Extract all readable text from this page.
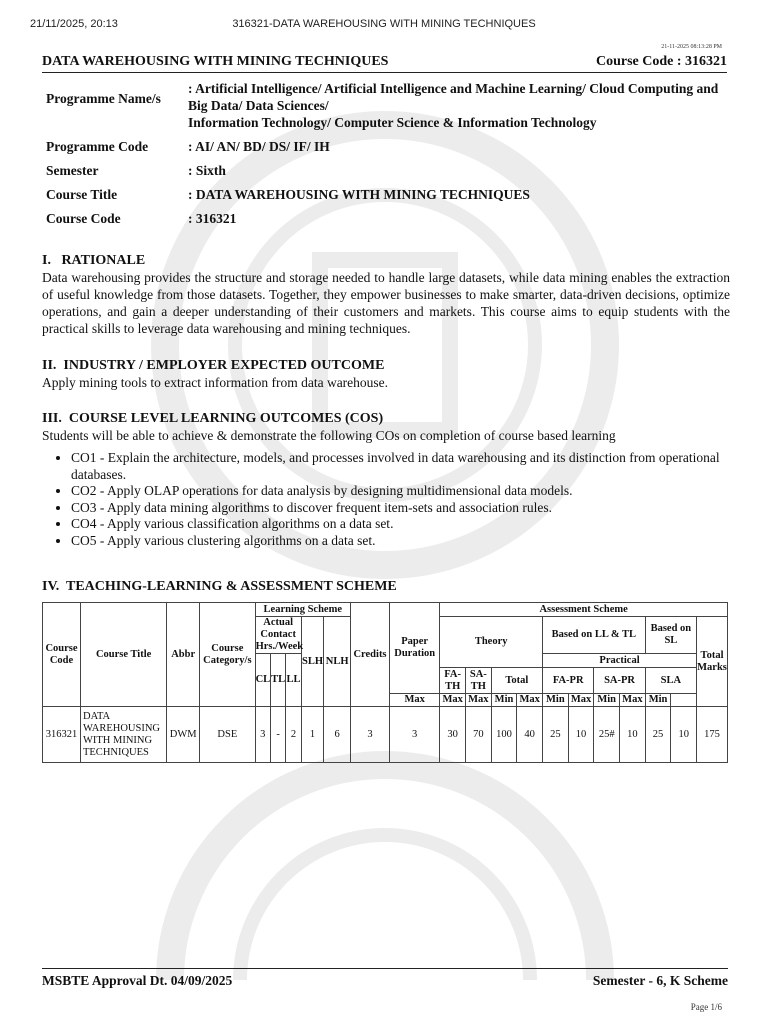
21/11/2025, 20:13	316321-DATA WAREHOUSING WITH MINING TECHNIQUES
21-11-2025 08:13:28 PM
DATA WAREHOUSING WITH MINING TECHNIQUES	Course Code : 316321
Programme Name/s
: Artificial Intelligence/ Artificial Intelligence and Machine Learning/ Cloud Computing and Big Data/ Data Sciences/
Information Technology/ Computer Science & Information Technology
Programme Code	: AI/ AN/ BD/ DS/ IF/ IH
Semester	: Sixth
Course Title	: DATA WAREHOUSING WITH MINING TECHNIQUES
Course Code	: 316321
I.   RATIONALE
Data warehousing provides the structure and storage needed to handle large datasets, while data mining enables the extraction of useful knowledge from those datasets. Together, they empower businesses to make smarter, data-driven decisions, optimize operations, and gain a deeper understanding of their customers and markets. This course aims to equip students with the practical skills to leverage data warehousing and mining techniques.
II.  INDUSTRY / EMPLOYER EXPECTED OUTCOME
Apply mining tools to extract information from data warehouse.
III.  COURSE LEVEL LEARNING OUTCOMES (COS)
Students will be able to achieve & demonstrate the following COs on completion of course based learning
• CO1 - Explain the architecture, models, and processes involved in data warehousing and its distinction from operational databases.
• CO2 - Apply OLAP operations for data analysis by designing multidimensional data models.
• CO3 - Apply data mining algorithms to discover frequent item-sets and association rules.
• CO4 - Apply various classification algorithms on a data set.
• CO5 - Apply various clustering algorithms on a data set.
IV.  TEACHING-LEARNING & ASSESSMENT SCHEME
Course Code	Course Title	Abbr	Course Category/s	Learning Scheme					Credits	Paper Duration	Assessment Scheme										
				Actual Contact Hrs./Week			SLH	NLH			Theory				Based on LL & TL				Based on SL		Total Marks
				CL	TL	LL									Practical						
											FA-TH	SA-TH	Total		FA-PR		SA-PR		SLA		
										Max	Max	Max	Min	Max	Min	Max	Min	Max	Min		
316321	DATA WAREHOUSING WITH MINING TECHNIQUES	DWM	DSE	3	-	2	1	6	3	3	30	70	100	40	25	10	25#	10	25	10	175
MSBTE Approval Dt. 04/09/2025	Semester - 6, K Scheme
Page 1/6
